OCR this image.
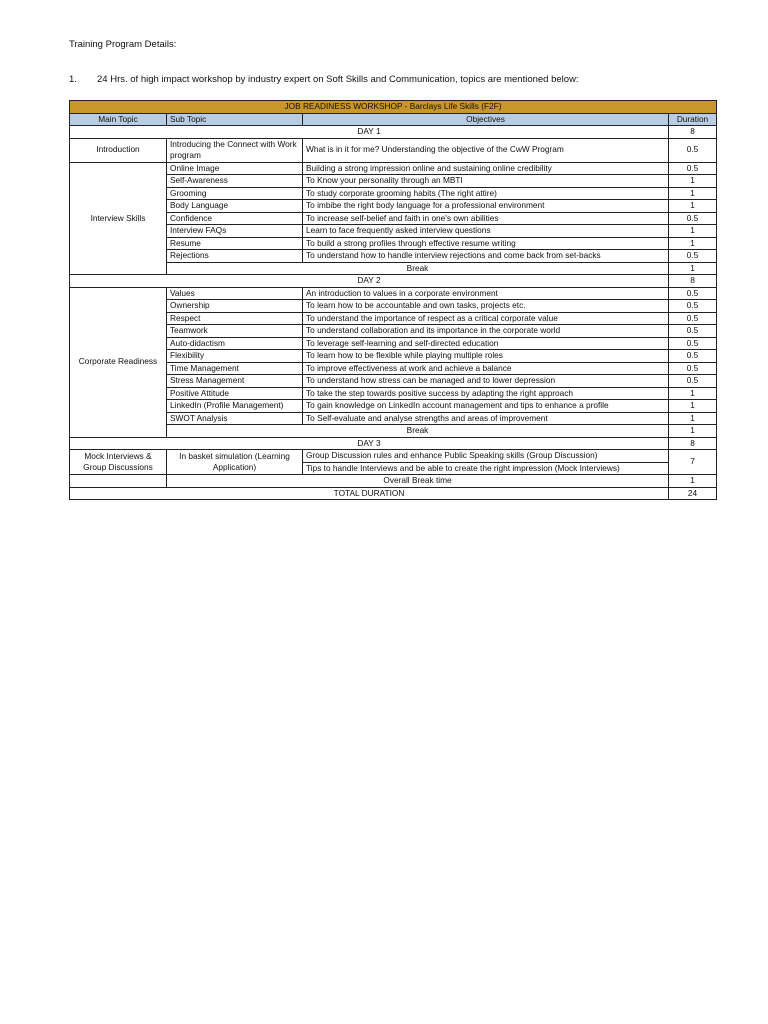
Training Program Details:
1. 24 Hrs. of high impact workshop by industry expert on Soft Skills and Communication, topics are mentioned below:
JOB READINESS WORKSHOP - Barclays Life Skills (F2F)			
Main Topic	Sub Topic	Objectives	Duration
DAY 1			8
Introduction	Introducing the Connect with Work program	What is in it for me? Understanding the objective of the CwW Program	0.5
Interview Skills	Online Image	Building a strong impression online and sustaining online credibility	0.5
	Self-Awareness	To Know your personality through an MBTI	1
	Grooming	To study corporate grooming habits (The right attire)	1
	Body Language	To imbibe the right body language for a professional environment	1
	Confidence	To increase self-belief and faith in one's own abilities	0.5
	Interview FAQs	Learn to face frequently asked interview questions	1
	Resume	To build a strong profiles through effective resume writing	1
	Rejections	To understand how to handle interview rejections and come back from set-backs	0.5
	Break		1
DAY 2			8
Corporate Readiness	Values	An introduction to values in a corporate environment	0.5
	Ownership	To learn how to be accountable and own tasks, projects etc.	0.5
	Respect	To understand the importance of respect as a critical corporate value	0.5
	Teamwork	To understand collaboration and its importance in the corporate world	0.5
	Auto-didactism	To leverage self-learning and self-directed education	0.5
	Flexibility	To learn how to be flexible while playing multiple roles	0.5
	Time Management	To improve effectiveness at work and achieve a balance	0.5
	Stress Management	To understand how stress can be managed and to lower depression	0.5
	Positive Attitude	To take the step towards positive success by adapting the right approach	1
	LinkedIn (Profile Management)	To gain knowledge on LinkedIn account management and tips to enhance a profile	1
	SWOT Analysis	To Self-evaluate and analyse strengths and areas of improvement	1
	Break		1
DAY 3			8
Mock Interviews & Group Discussions	In basket simulation (Learning Application)	Group Discussion rules and enhance Public Speaking skills (Group Discussion)	7
		Tips to handle Interviews and be able to create the right impression (Mock Interviews)	
	Overall Break time		1
TOTAL DURATION			24
